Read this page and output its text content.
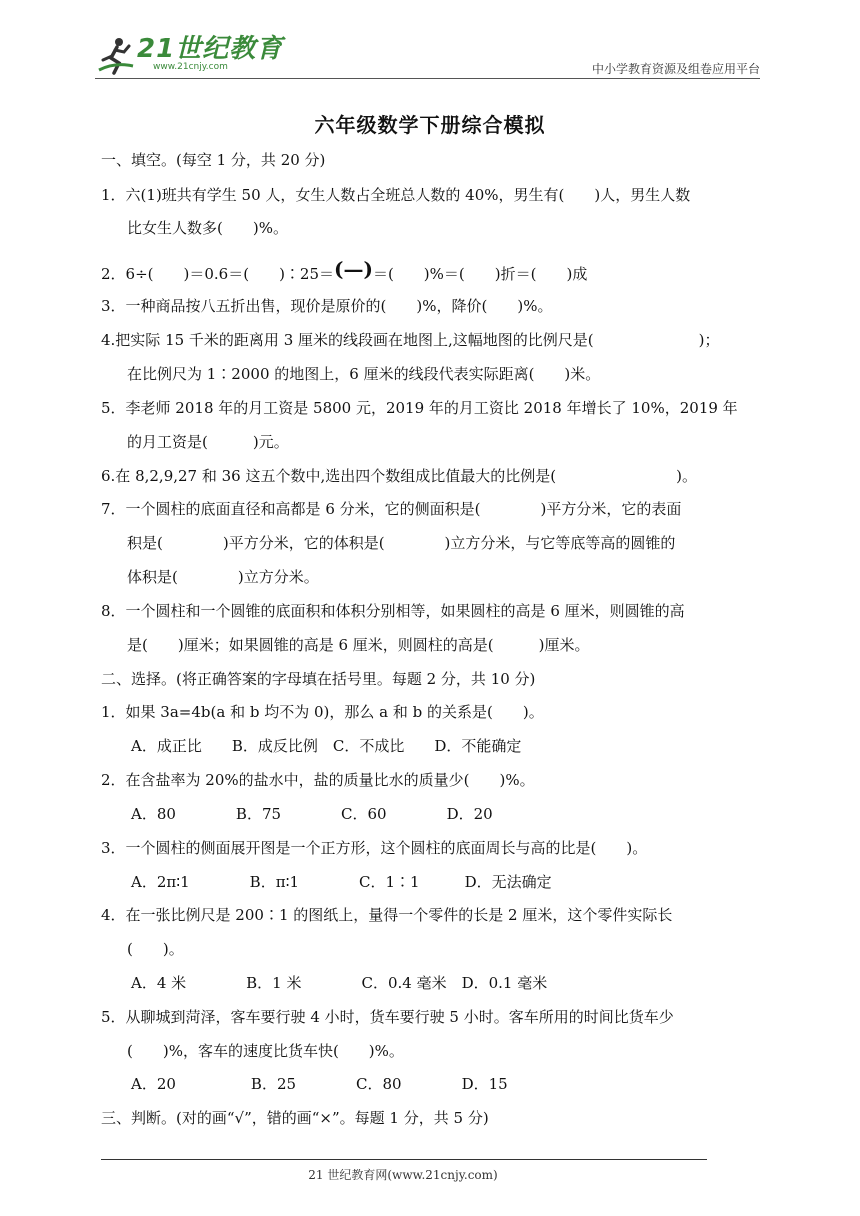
21世纪教育
www.21cnjy.com	中小学教育资源及组卷应用平台
六年级数学下册综合模拟
一、填空。(每空 1 分，共 20 分)
1．六(1)班共有学生 50 人，女生人数占全班总人数的 40%，男生有(　　)人，男生人数
比女生人数多(　　)%。
2．6÷(　　)＝0.6＝(　　)∶25＝(—)＝(　　)%＝(　　)折＝(　　)成
3．一种商品按八五折出售，现价是原价的(　　)%，降价(　　)%。
4.把实际 15 千米的距离用 3 厘米的线段画在地图上,这幅地图的比例尺是(　　　　　　　)；
在比例尺为 1∶2000 的地图上，6 厘米的线段代表实际距离(　　)米。
5．李老师 2018 年的月工资是 5800 元，2019 年的月工资比 2018 年增长了 10%，2019 年
的月工资是(　　　)元。
6.在 8,2,9,27 和 36 这五个数中,选出四个数组成比值最大的比例是(　　　　　　　　)。
7．一个圆柱的底面直径和高都是 6 分米，它的侧面积是(　　　　)平方分米，它的表面
积是(　　　　)平方分米，它的体积是(　　　　)立方分米，与它等底等高的圆锥的
体积是(　　　　)立方分米。
8．一个圆柱和一个圆锥的底面积和体积分别相等，如果圆柱的高是 6 厘米，则圆锥的高
是(　　)厘米；如果圆锥的高是 6 厘米，则圆柱的高是(　　　)厘米。
二、选择。(将正确答案的字母填在括号里。每题 2 分，共 10 分)
1．如果 3a=4b(a 和 b 均不为 0)，那么 a 和 b 的关系是(　　)。
A．成正比　　B．成反比例　C．不成比　　D．不能确定
2．在含盐率为 20%的盐水中，盐的质量比水的质量少(　　)%。
A．80　　　　B．75　　　　C．60　　　　D．20
3．一个圆柱的侧面展开图是一个正方形，这个圆柱的底面周长与高的比是(　　)。
A．2π∶1　　　　B．π∶1　　　　C．1∶1　　　D．无法确定
4．在一张比例尺是 200∶1 的图纸上，量得一个零件的长是 2 厘米，这个零件实际长
(　　)。
A．4 米　　　　B．1 米　　　　C．0.4 毫米　D．0.1 毫米
5．从聊城到菏泽，客车要行驶 4 小时，货车要行驶 5 小时。客车所用的时间比货车少
(　　)%，客车的速度比货车快(　　)%。
A．20　　　　　B．25　　　　C．80　　　　D．15
三、判断。(对的画“√”，错的画“×”。每题 1 分，共 5 分)
21 世纪教育网(www.21cnjy.com)
